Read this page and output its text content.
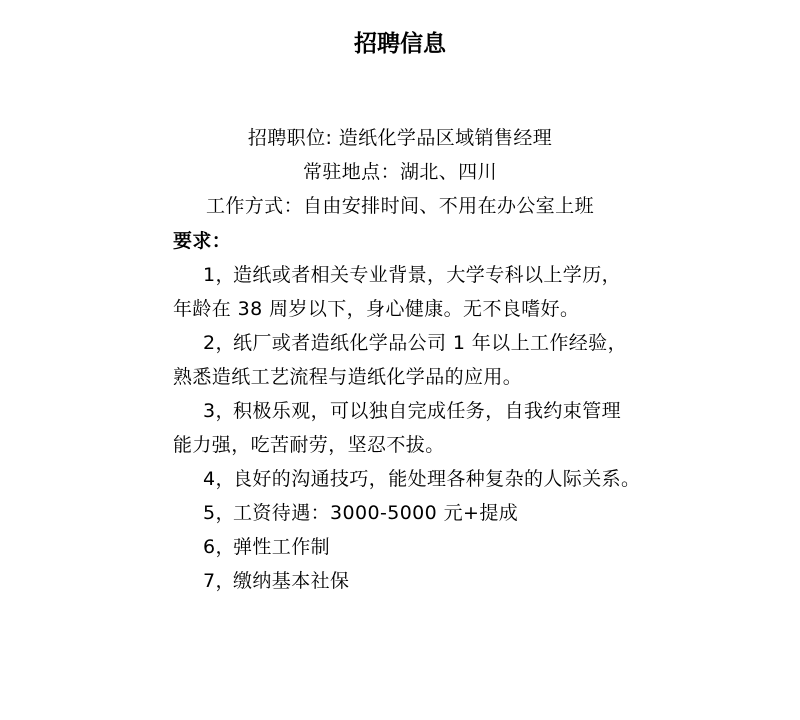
招聘信息
招聘职位: 造纸化学品区域销售经理
常驻地点：湖北、四川
工作方式：自由安排时间、不用在办公室上班
要求：
1，造纸或者相关专业背景，大学专科以上学历，
年龄在 38 周岁以下，身心健康。无不良嗜好。
2，纸厂或者造纸化学品公司 1 年以上工作经验，
熟悉造纸工艺流程与造纸化学品的应用。
3，积极乐观，可以独自完成任务，自我约束管理
能力强，吃苦耐劳，坚忍不拔。
4，良好的沟通技巧，能处理各种复杂的人际关系。
5，工资待遇：3000-5000 元+提成
6，弹性工作制
7，缴纳基本社保
